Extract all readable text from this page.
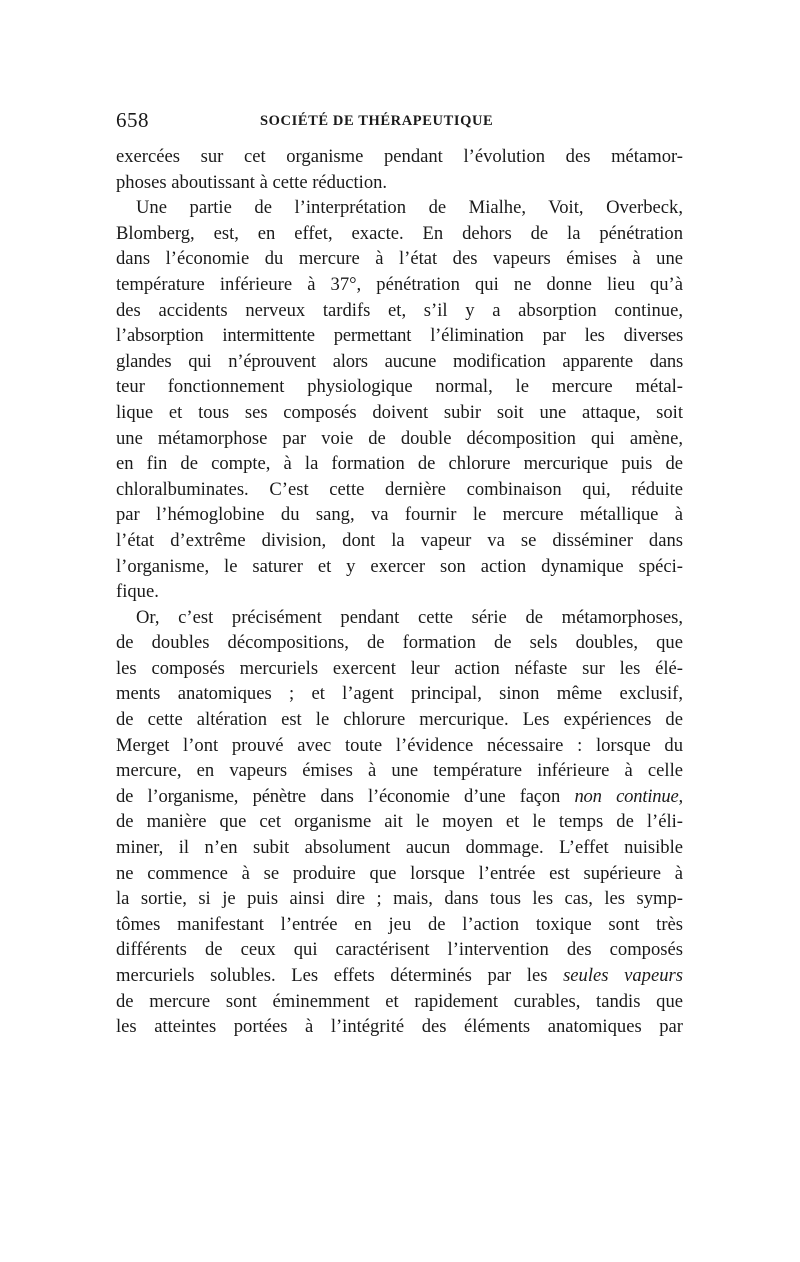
658	SOCIÉTÉ DE THÉRAPEUTIQUE
exercées sur cet organisme pendant l’évolution des métamor-
phoses aboutissant à cette réduction.
Une partie de l’interprétation de Mialhe, Voit, Overbeck,
Blomberg, est, en effet, exacte. En dehors de la pénétration
dans l’économie du mercure à l’état des vapeurs émises à une
température inférieure à 37°, pénétration qui ne donne lieu qu’à
des accidents nerveux tardifs et, s’il y a absorption continue,
l’absorption intermittente permettant l’élimination par les diverses
glandes qui n’éprouvent alors aucune modification apparente dans
teur fonctionnement physiologique normal, le mercure métal-
lique et tous ses composés doivent subir soit une attaque, soit
une métamorphose par voie de double décomposition qui amène,
en fin de compte, à la formation de chlorure mercurique puis de
chloralbuminates. C’est cette dernière combinaison qui, réduite
par l’hémoglobine du sang, va fournir le mercure métallique à
l’état d’extrême division, dont la vapeur va se disséminer dans
l’organisme, le saturer et y exercer son action dynamique spéci-
fique.
Or, c’est précisément pendant cette série de métamorphoses,
de doubles décompositions, de formation de sels doubles, que
les composés mercuriels exercent leur action néfaste sur les élé-
ments anatomiques ; et l’agent principal, sinon même exclusif,
de cette altération est le chlorure mercurique. Les expériences de
Merget l’ont prouvé avec toute l’évidence nécessaire : lorsque du
mercure, en vapeurs émises à une température inférieure à celle
de l’organisme, pénètre dans l’économie d’une façon non continue,
de manière que cet organisme ait le moyen et le temps de l’éli-
miner, il n’en subit absolument aucun dommage. L’effet nuisible
ne commence à se produire que lorsque l’entrée est supérieure à
la sortie, si je puis ainsi dire ; mais, dans tous les cas, les symp-
tômes manifestant l’entrée en jeu de l’action toxique sont très
différents de ceux qui caractérisent l’intervention des composés
mercuriels solubles. Les effets déterminés par les seules vapeurs
de mercure sont éminemment et rapidement curables, tandis que
les atteintes portées à l’intégrité des éléments anatomiques par
